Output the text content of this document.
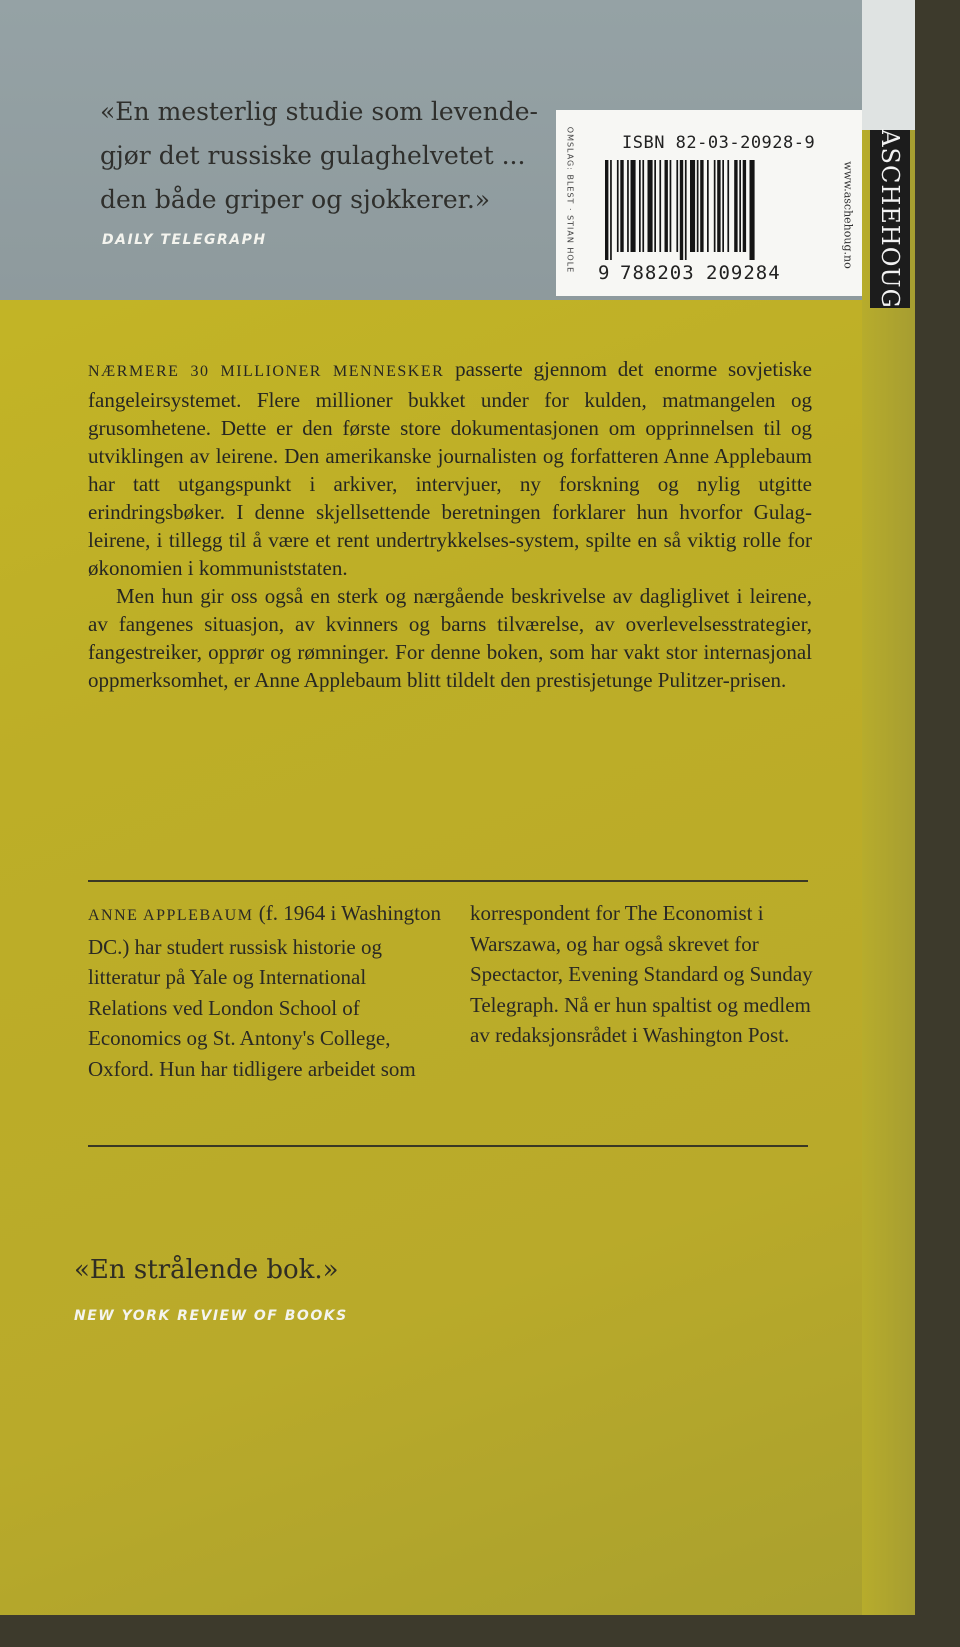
ASCHEHOUG
«En mesterlig studie som levende-
gjør det russiske gulaghelvetet ...
den både griper og sjokkerer.»
DAILY TELEGRAPH	OMSLAG: BLEST · STIAN HOLE	ISBN 82-03-20928-9
9 788203 209284
www.aschehoug.no

NÆRMERE 30 MILLIONER MENNESKER passerte gjennom det enorme sovjetiske fangeleirsystemet. Flere millioner bukket under for kulden, matmangelen og grusomhetene. Dette er den første store dokumentasjonen om opprinnelsen til og utviklingen av leirene. Den amerikanske journalisten og forfatteren Anne Applebaum har tatt utgangspunkt i arkiver, intervjuer, ny forskning og nylig utgitte erindringsbøker. I denne skjellsettende beretningen forklarer hun hvorfor Gulag-leirene, i tillegg til å være et rent undertrykkelses-system, spilte en så viktig rolle for økonomien i kommuniststaten.

Men hun gir oss også en sterk og nærgående beskrivelse av dagliglivet i leirene, av fangenes situasjon, av kvinners og barns tilværelse, av overlevelsesstrategier, fangestreiker, opprør og rømninger. For denne boken, som har vakt stor internasjonal oppmerksomhet, er Anne Applebaum blitt tildelt den prestisjetunge Pulitzer-prisen.

ANNE APPLEBAUM (f. 1964 i Washington DC.) har studert russisk historie og litteratur på Yale og International Relations ved London School of Economics og St. Antony's College, Oxford. Hun har tidligere arbeidet som
korrespondent for The Economist i Warszawa, og har også skrevet for Spectactor, Evening Standard og Sunday Telegraph. Nå er hun spaltist og medlem av redaksjonsrådet i Washington Post.
«En strålende bok.»
NEW YORK REVIEW OF BOOKS
